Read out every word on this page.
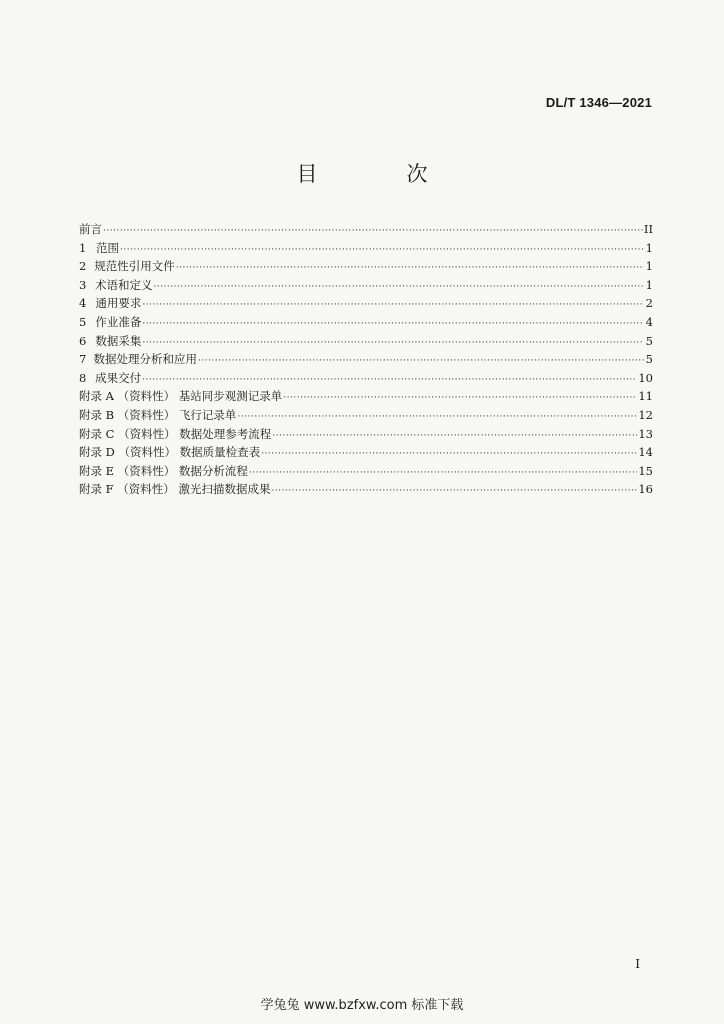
DL/T 1346—2021
目　次
前言 ·····	II
1 范围 ·····	1
2 规范性引用文件 ·····	1
3 术语和定义 ·····	1
4 通用要求 ·····	2
5 作业准备 ·····	4
6 数据采集 ·····	5
7 数据处理分析和应用 ·····	5
8 成果交付 ·····	10
附录 A （资料性） 基站同步观测记录单 ·····	11
附录 B （资料性） 飞行记录单 ·····	12
附录 C （资料性） 数据处理参考流程 ·····	13
附录 D （资料性） 数据质量检查表 ·····	14
附录 E （资料性） 数据分析流程 ·····	15
附录 F （资料性） 激光扫描数据成果 ·····	16
I
学兔兔 www.bzfxw.com 标准下载
